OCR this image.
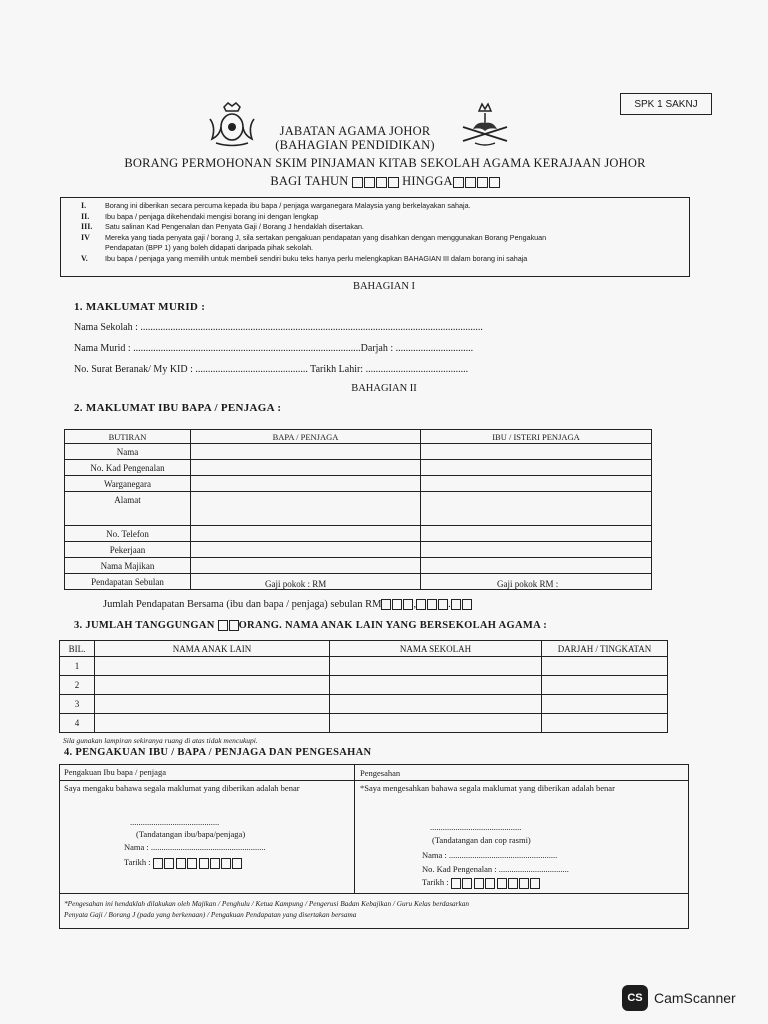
SPK 1 SAKNJ
JABATAN AGAMA JOHOR
(BAHAGIAN PENDIDIKAN)
BORANG PERMOHONAN SKIM PINJAMAN KITAB SEKOLAH AGAMA KERAJAAN JOHOR
BAGI TAHUN	HINGGA
I.	Borang ini diberikan secara percuma kepada ibu bapa / penjaga warganegara Malaysia yang berkelayakan sahaja.
II.	Ibu bapa / penjaga dikehendaki mengisi borang ini dengan lengkap
III.	Satu salinan Kad Pengenalan dan Penyata Gaji / Borang J hendaklah disertakan.
IV	Mereka yang tiada penyata gaji / borang J, sila sertakan pengakuan pendapatan yang disahkan dengan menggunakan Borang Pengakuan
Pendapatan (BPP 1) yang boleh didapati daripada pihak sekolah.
V.	Ibu bapa / penjaga yang memilih untuk membeli sendiri buku teks hanya perlu melengkapkan BAHAGIAN III dalam borang ini sahaja
BAHAGIAN I
1. MAKLUMAT MURID :
Nama Sekolah : .........................................................................................................................................
Nama Murid : ...........................................................................................Darjah : ...............................
No. Surat Beranak/ My KID : ............................................. Tarikh Lahir: .........................................
BAHAGIAN II
2. MAKLUMAT IBU BAPA / PENJAGA :
BUTIRAN	BAPA / PENJAGA	IBU / ISTERI PENJAGA
Nama		
No. Kad Pengenalan		
Warganegara		
Alamat		
No. Telefon		
Pekerjaan		
Nama Majikan		
Pendapatan Sebulan	Gaji pokok : RM	Gaji pokok RM :
Jumlah Pendapatan Bersama (ibu dan bapa / penjaga) sebulan RM	,	.
3. JUMLAH TANGGUNGAN ORANG. NAMA ANAK LAIN YANG BERSEKOLAH AGAMA :
BIL.	NAMA ANAK LAIN	NAMA SEKOLAH	DARJAH / TINGKATAN
1			
2			
3			
4			
Sila gunakan lampiran sekiranya ruang di atas tidak mencukupi.
4. PENGAKUAN IBU / BAPA / PENJAGA DAN PENGESAHAN
Pengakuan Ibu bapa / penjaga	Pengesahan
Saya mengaku bahawa segala maklumat yang diberikan adalah benar	*Saya mengesahkan bahawa segala maklumat yang diberikan adalah benar
..........................................
(Tandatangan ibu/bapa/penjaga)
Nama : ......................................................
Tarikh :

...........................................
(Tandatangan dan cop rasmi)
Nama : ...................................................
No. Kad Pengenalan : .................................
Tarikh :

*Pengesahan ini hendaklah dilakukan oleh Majikan / Penghulu / Ketua Kampung / Pengerusi Badan Kebajikan / Guru Kelas berdasarkan
Penyata Gaji / Borang J (pada yang berkenaan) / Pengakuan Pendapatan yang disertakan bersama
CS CamScanner
